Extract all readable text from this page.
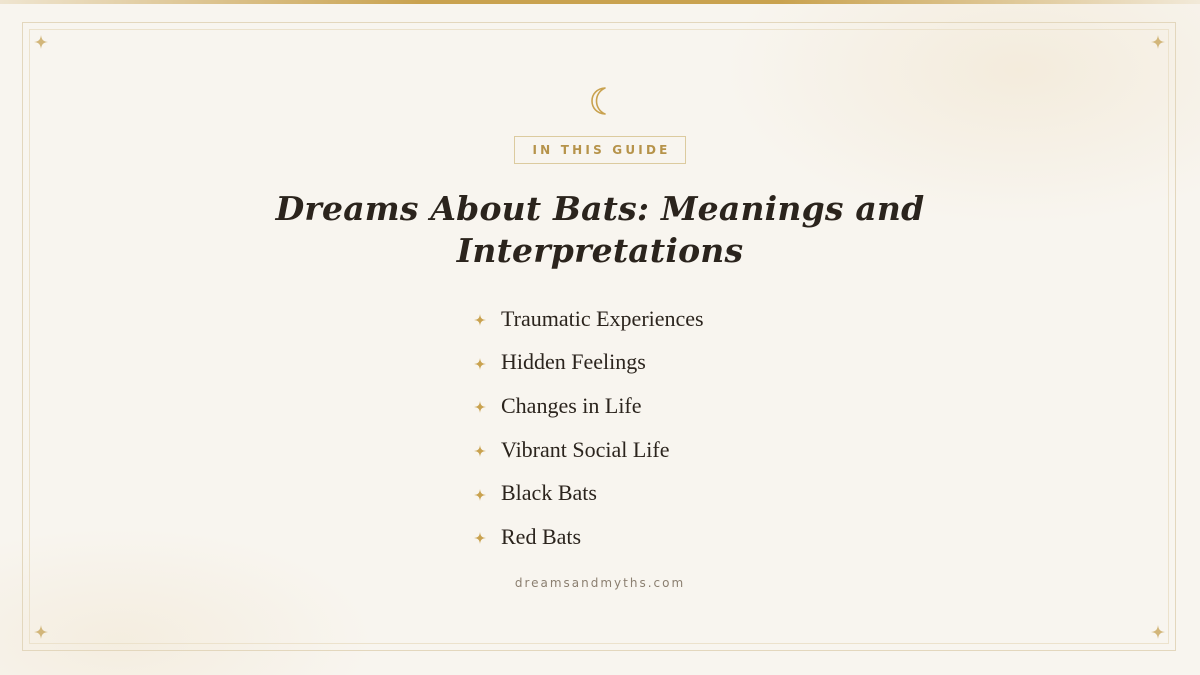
IN THIS GUIDE
Dreams About Bats: Meanings and
Interpretations
Traumatic Experiences
Hidden Feelings
Changes in Life
Vibrant Social Life
Black Bats
Red Bats
dreamsandmyths.com
